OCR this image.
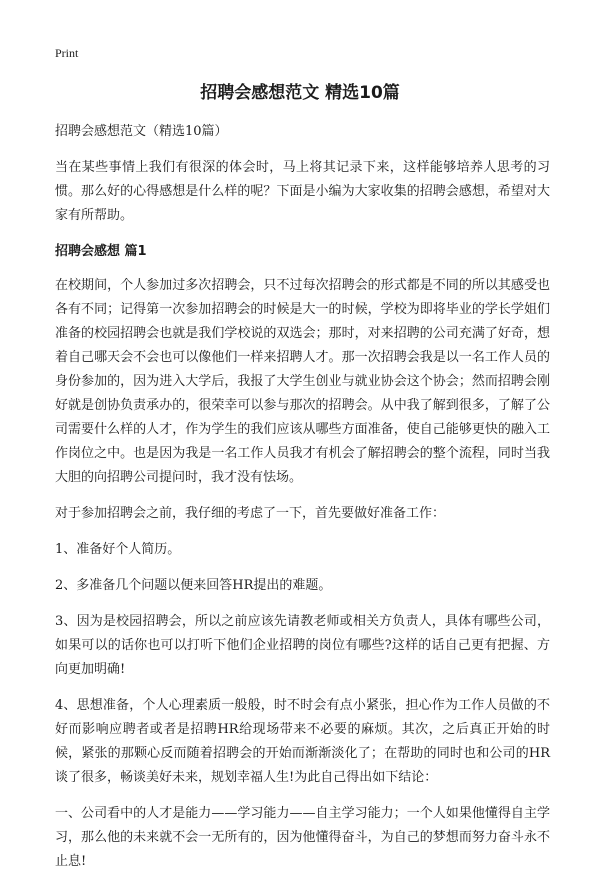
Print
招聘会感想范文 精选10篇

招聘会感想范文（精选10篇）

当在某些事情上我们有很深的体会时，马上将其记录下来，这样能够培养人思考的习惯。那么好的心得感想是什么样的呢？下面是小编为大家收集的招聘会感想，希望对大家有所帮助。

招聘会感想 篇1

在校期间，个人参加过多次招聘会，只不过每次招聘会的形式都是不同的所以其感受也各有不同；记得第一次参加招聘会的时候是大一的时候，学校为即将毕业的学长学姐们准备的校园招聘会也就是我们学校说的双选会；那时，对来招聘的公司充满了好奇，想着自己哪天会不会也可以像他们一样来招聘人才。那一次招聘会我是以一名工作人员的身份参加的，因为进入大学后，我报了大学生创业与就业协会这个协会；然而招聘会刚好就是创协负责承办的，很荣幸可以参与那次的招聘会。从中我了解到很多，了解了公司需要什么样的人才，作为学生的我们应该从哪些方面准备，使自己能够更快的融入工作岗位之中。也是因为我是一名工作人员我才有机会了解招聘会的整个流程，同时当我大胆的向招聘公司提问时，我才没有怯场。

对于参加招聘会之前，我仔细的考虑了一下，首先要做好准备工作：

1、准备好个人简历。

2、多准备几个问题以便来回答HR提出的难题。

3、因为是校园招聘会，所以之前应该先请教老师或相关方负责人，具体有哪些公司，如果可以的话你也可以打听下他们企业招聘的岗位有哪些?这样的话自己更有把握、方向更加明确!

4、思想准备，个人心理素质一般般，时不时会有点小紧张，担心作为工作人员做的不好而影响应聘者或者是招聘HR给现场带来不必要的麻烦。其次，之后真正开始的时候，紧张的那颗心反而随着招聘会的开始而渐渐淡化了；在帮助的同时也和公司的HR谈了很多，畅谈美好未来，规划幸福人生!为此自己得出如下结论：

一、公司看中的人才是能力——学习能力——自主学习能力；一个人如果他懂得自主学习，那么他的未来就不会一无所有的，因为他懂得奋斗，为自己的梦想而努力奋斗永不止息!
